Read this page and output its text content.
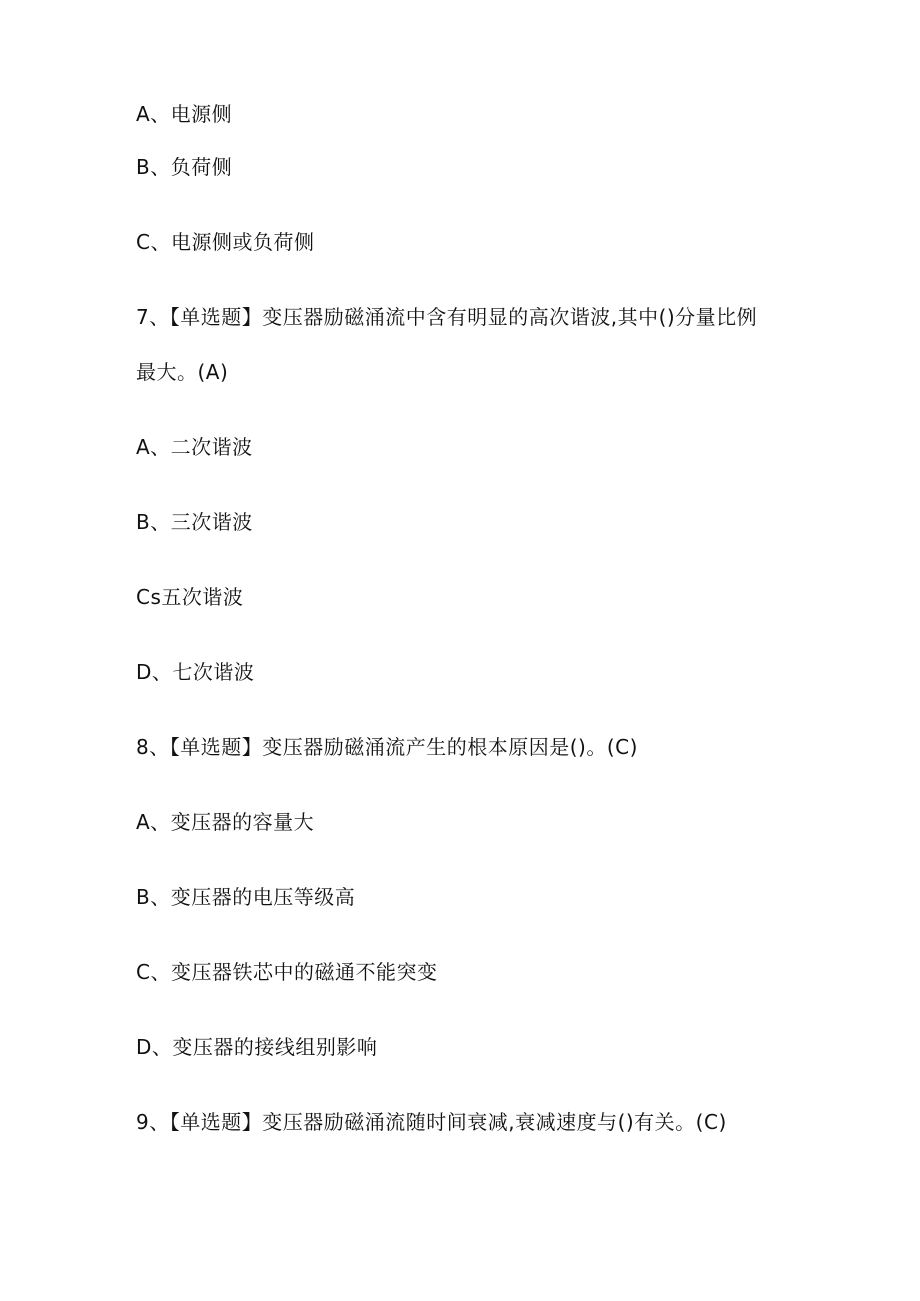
A、电源侧
B、负荷侧
C、电源侧或负荷侧
7、【单选题】变压器励磁涌流中含有明显的高次谐波,其中()分量比例
最大。(A)
A、二次谐波
B、三次谐波
Cs五次谐波
D、七次谐波
8、【单选题】变压器励磁涌流产生的根本原因是()。(C)
A、变压器的容量大
B、变压器的电压等级高
C、变压器铁芯中的磁通不能突变
D、变压器的接线组别影响
9、【单选题】变压器励磁涌流随时间衰减,衰减速度与()有关。(C)
